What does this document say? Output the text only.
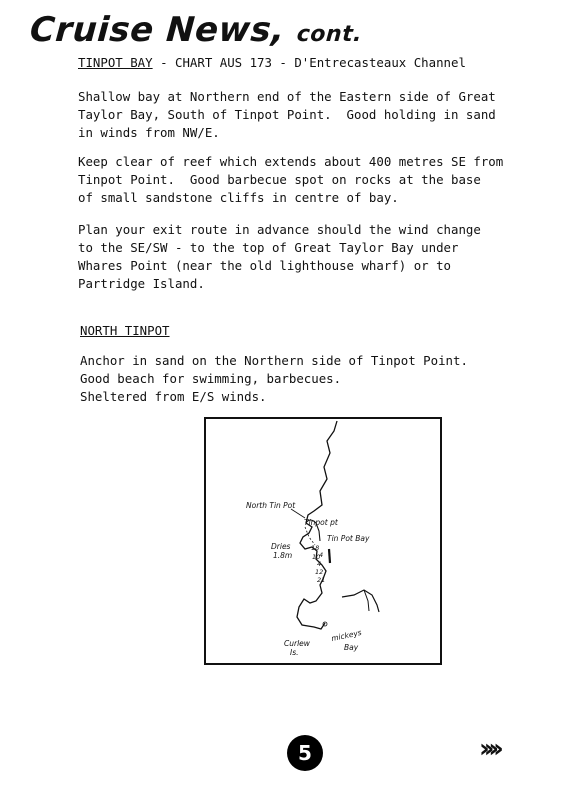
Cruise News, cont.
TINPOT BAY - CHART AUS 173 - D'Entrecasteaux Channel
Shallow bay at Northern end of the Eastern side of Great
Taylor Bay, South of Tinpot Point.  Good holding in sand
in winds from NW/E.
Keep clear of reef which extends about 400 metres SE from
Tinpot Point.  Good barbecue spot on rocks at the base
of small sandstone cliffs in centre of bay.
Plan your exit route in advance should the wind change
to the SE/SW - to the top of Great Taylor Bay under
Whares Point (near the old lighthouse wharf) or to
Partridge Island.
NORTH TINPOT
Anchor in sand on the Northern side of Tinpot Point.
Good beach for swimming, barbecues.
Sheltered from E/S winds.
North Tin Pot
Tinpot pt
Tin Pot Bay
Dries
1.8m
18
4
10
4
12
21
Curlew
Is.
mickeys
Bay
5	››››
